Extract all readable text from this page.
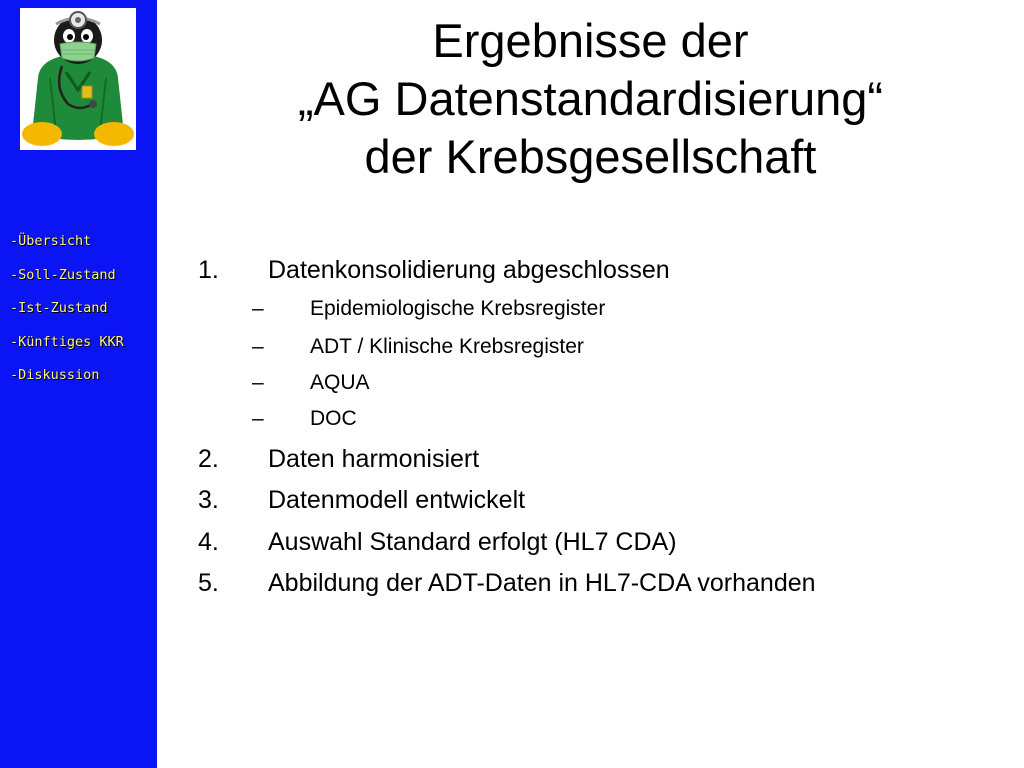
-Übersicht
-Soll-Zustand
-Ist-Zustand
-Künftiges KKR
-Diskussion
Ergebnisse der
„AG Datenstandardisierung“
der Krebsgesellschaft
1. Datenkonsolidierung abgeschlossen
– Epidemiologische Krebsregister
– ADT / Klinische Krebsregister
– AQUA
– DOC
2. Daten harmonisiert
3. Datenmodell entwickelt
4. Auswahl Standard erfolgt (HL7 CDA)
5. Abbildung der ADT-Daten in HL7-CDA vorhanden
